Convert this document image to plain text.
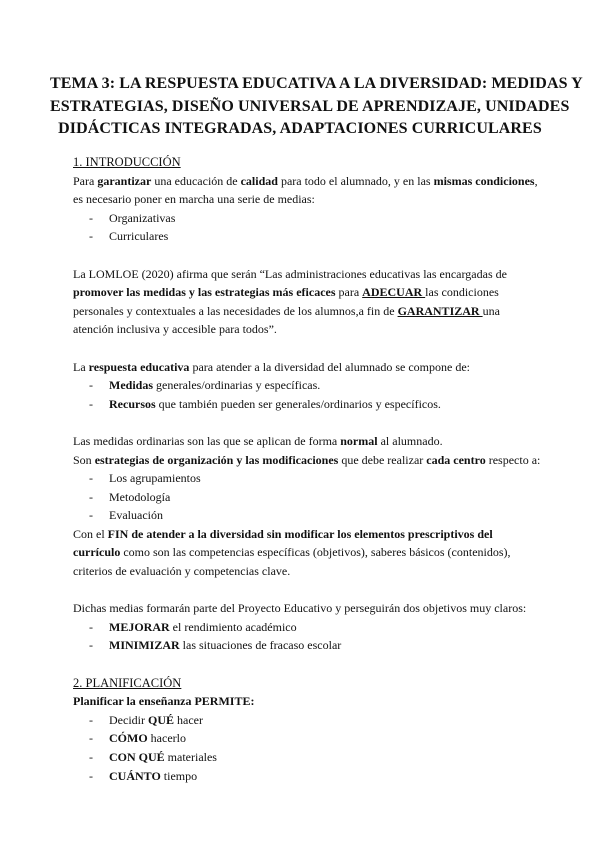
TEMA 3: LA RESPUESTA EDUCATIVA A LA DIVERSIDAD: MEDIDAS Y
ESTRATEGIAS, DISEÑO UNIVERSAL DE APRENDIZAJE, UNIDADES
DIDÁCTICAS INTEGRADAS, ADAPTACIONES CURRICULARES
1. INTRODUCCIÓN
Para garantizar una educación de calidad para todo el alumnado, y en las mismas condiciones,
es necesario poner en marcha una serie de medias:
- Organizativas
- Curriculares
La LOMLOE (2020) afirma que serán “Las administraciones educativas las encargadas de
promover las medidas y las estrategias más eficaces para ADECUAR las condiciones
personales y contextuales a las necesidades de los alumnos,a fin de GARANTIZAR una
atención inclusiva y accesible para todos”.
La respuesta educativa para atender a la diversidad del alumnado se compone de:
- Medidas generales/ordinarias y específicas.
- Recursos que también pueden ser generales/ordinarios y específicos.
Las medidas ordinarias son las que se aplican de forma normal al alumnado.
Son estrategias de organización y las modificaciones que debe realizar cada centro respecto a:
- Los agrupamientos
- Metodología
- Evaluación
Con el FIN de atender a la diversidad sin modificar los elementos prescriptivos del
currículo como son las competencias específicas (objetivos), saberes básicos (contenidos),
criterios de evaluación y competencias clave.
Dichas medias formarán parte del Proyecto Educativo y perseguirán dos objetivos muy claros:
- MEJORAR el rendimiento académico
- MINIMIZAR las situaciones de fracaso escolar
2. PLANIFICACIÓN
Planificar la enseñanza PERMITE:
- Decidir QUÉ hacer
- CÓMO hacerlo
- CON QUÉ materiales
- CUÁNTO tiempo
